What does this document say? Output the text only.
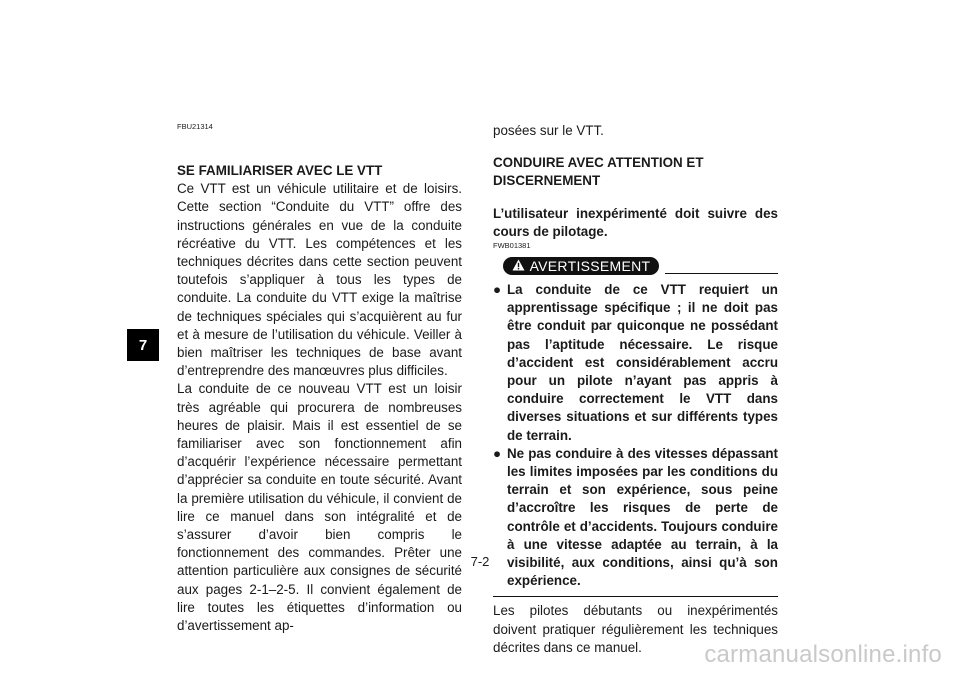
7

FBU21314

SE FAMILIARISER AVEC LE VTT

Ce VTT est un véhicule utilitaire et de loisirs. Cette section “Conduite du VTT” offre des instructions générales en vue de la conduite récréative du VTT. Les compétences et les techniques décrites dans cette section peuvent toutefois s’appliquer à tous les types de conduite. La conduite du VTT exige la maîtrise de techniques spéciales qui s’acquièrent au fur et à mesure de l’utilisation du véhicule. Veiller à bien maîtriser les techniques de base avant d’entreprendre des manœuvres plus difficiles.

La conduite de ce nouveau VTT est un loisir très agréable qui procurera de nombreuses heures de plaisir. Mais il est essentiel de se familiariser avec son fonctionnement afin d’acquérir l’expérience nécessaire permettant d’apprécier sa conduite en toute sécurité. Avant la première utilisation du véhicule, il convient de lire ce manuel dans son intégralité et de s’assurer d’avoir bien compris le fonctionnement des commandes. Prêter une attention particulière aux consignes de sécurité aux pages 2-1–2-5. Il convient également de lire toutes les étiquettes d’information ou d’avertissement ap-

posées sur le VTT.

CONDUIRE AVEC ATTENTION ET DISCERNEMENT

L’utilisateur inexpérimenté doit suivre des cours de pilotage.

FWB01381

AVERTISSEMENT
● La conduite de ce VTT requiert un apprentissage spécifique ; il ne doit pas être conduit par quiconque ne possédant pas l’aptitude nécessaire. Le risque d’accident est considérablement accru pour un pilote n’ayant pas appris à conduire correctement le VTT dans diverses situations et sur différents types de terrain.
● Ne pas conduire à des vitesses dépassant les limites imposées par les conditions du terrain et son expérience, sous peine d’accroître les risques de perte de contrôle et d’accidents. Toujours conduire à une vitesse adaptée au terrain, à la visibilité, aux conditions, ainsi qu’à son expérience.

Les pilotes débutants ou inexpérimentés doivent pratiquer régulièrement les techniques décrites dans ce manuel.

7-2
carmanualsonline.info
